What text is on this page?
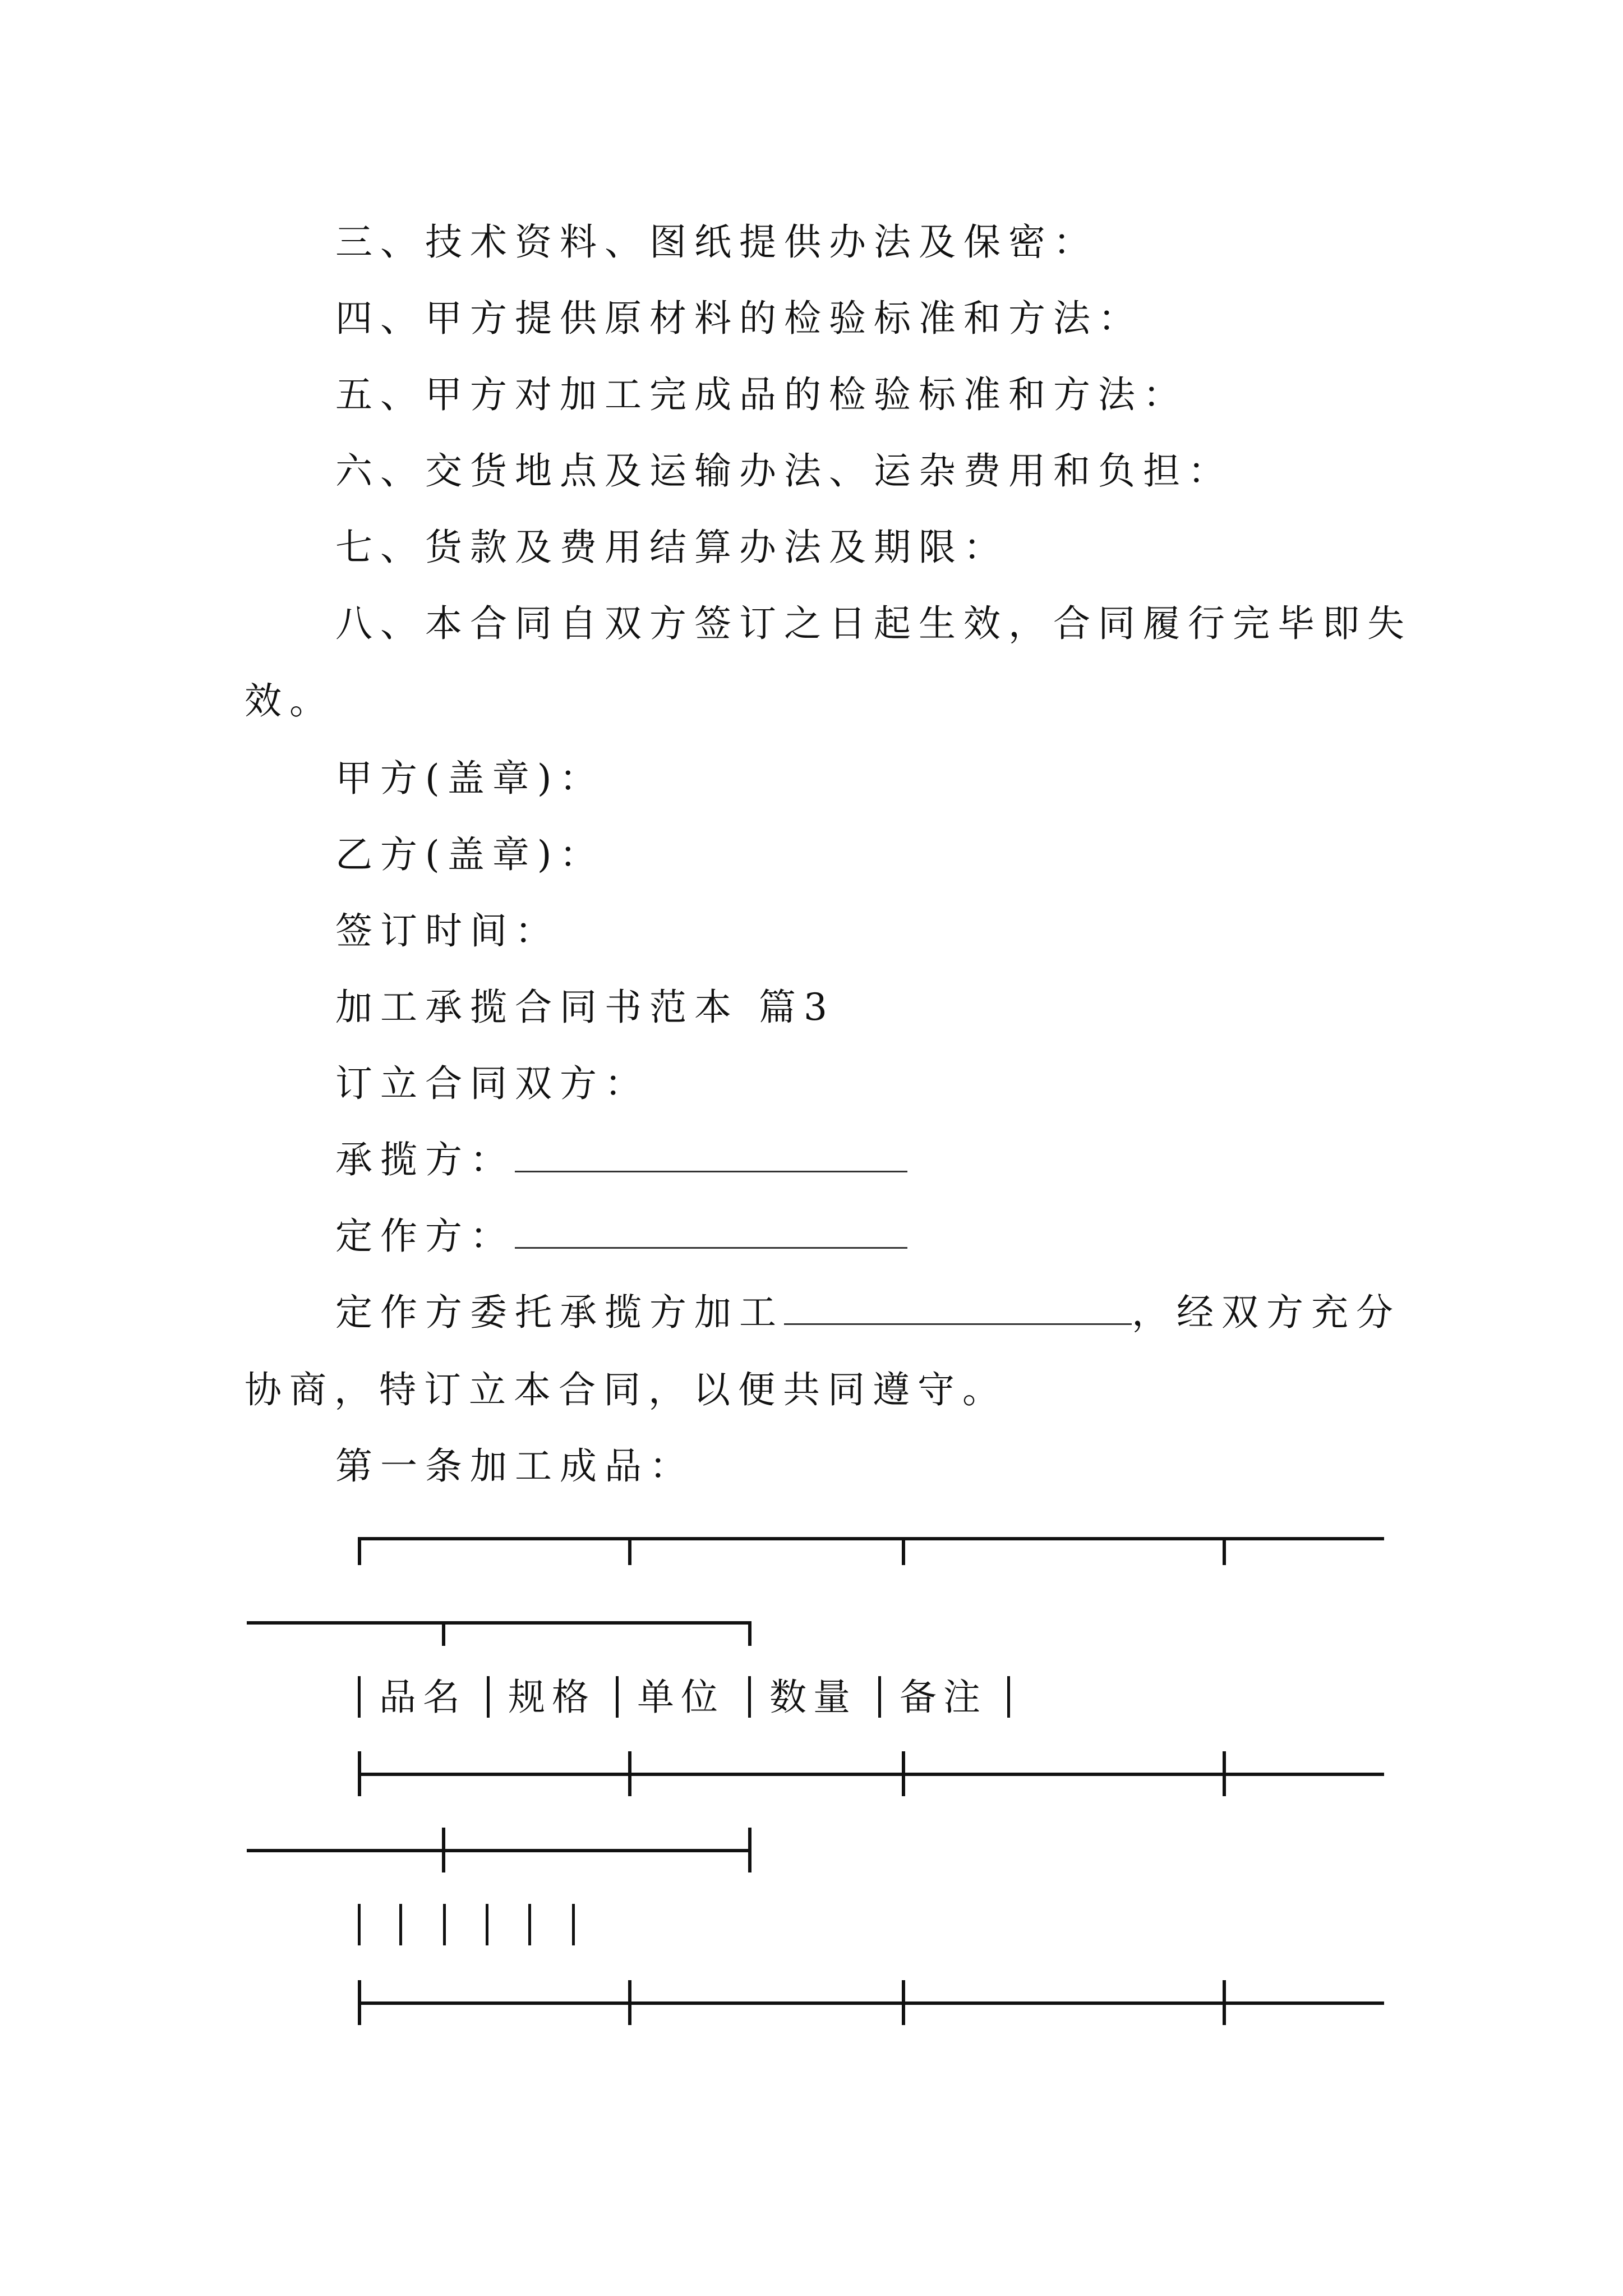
三、技术资料、图纸提供办法及保密：
四、甲方提供原材料的检验标准和方法：
五、甲方对加工完成品的检验标准和方法：
六、交货地点及运输办法、运杂费用和负担：
七、货款及费用结算办法及期限：
八、本合同自双方签订之日起生效，合同履行完毕即失
效。
甲方(盖章)：
乙方(盖章)：
签订时间：
加工承揽合同书范本 篇3
订立合同双方：
承揽方：
定作方：
定作方委托承揽方加工	，经双方充分
协商，特订立本合同，以便共同遵守。
第一条加工成品：
品名 规格 单位 数量 备注
